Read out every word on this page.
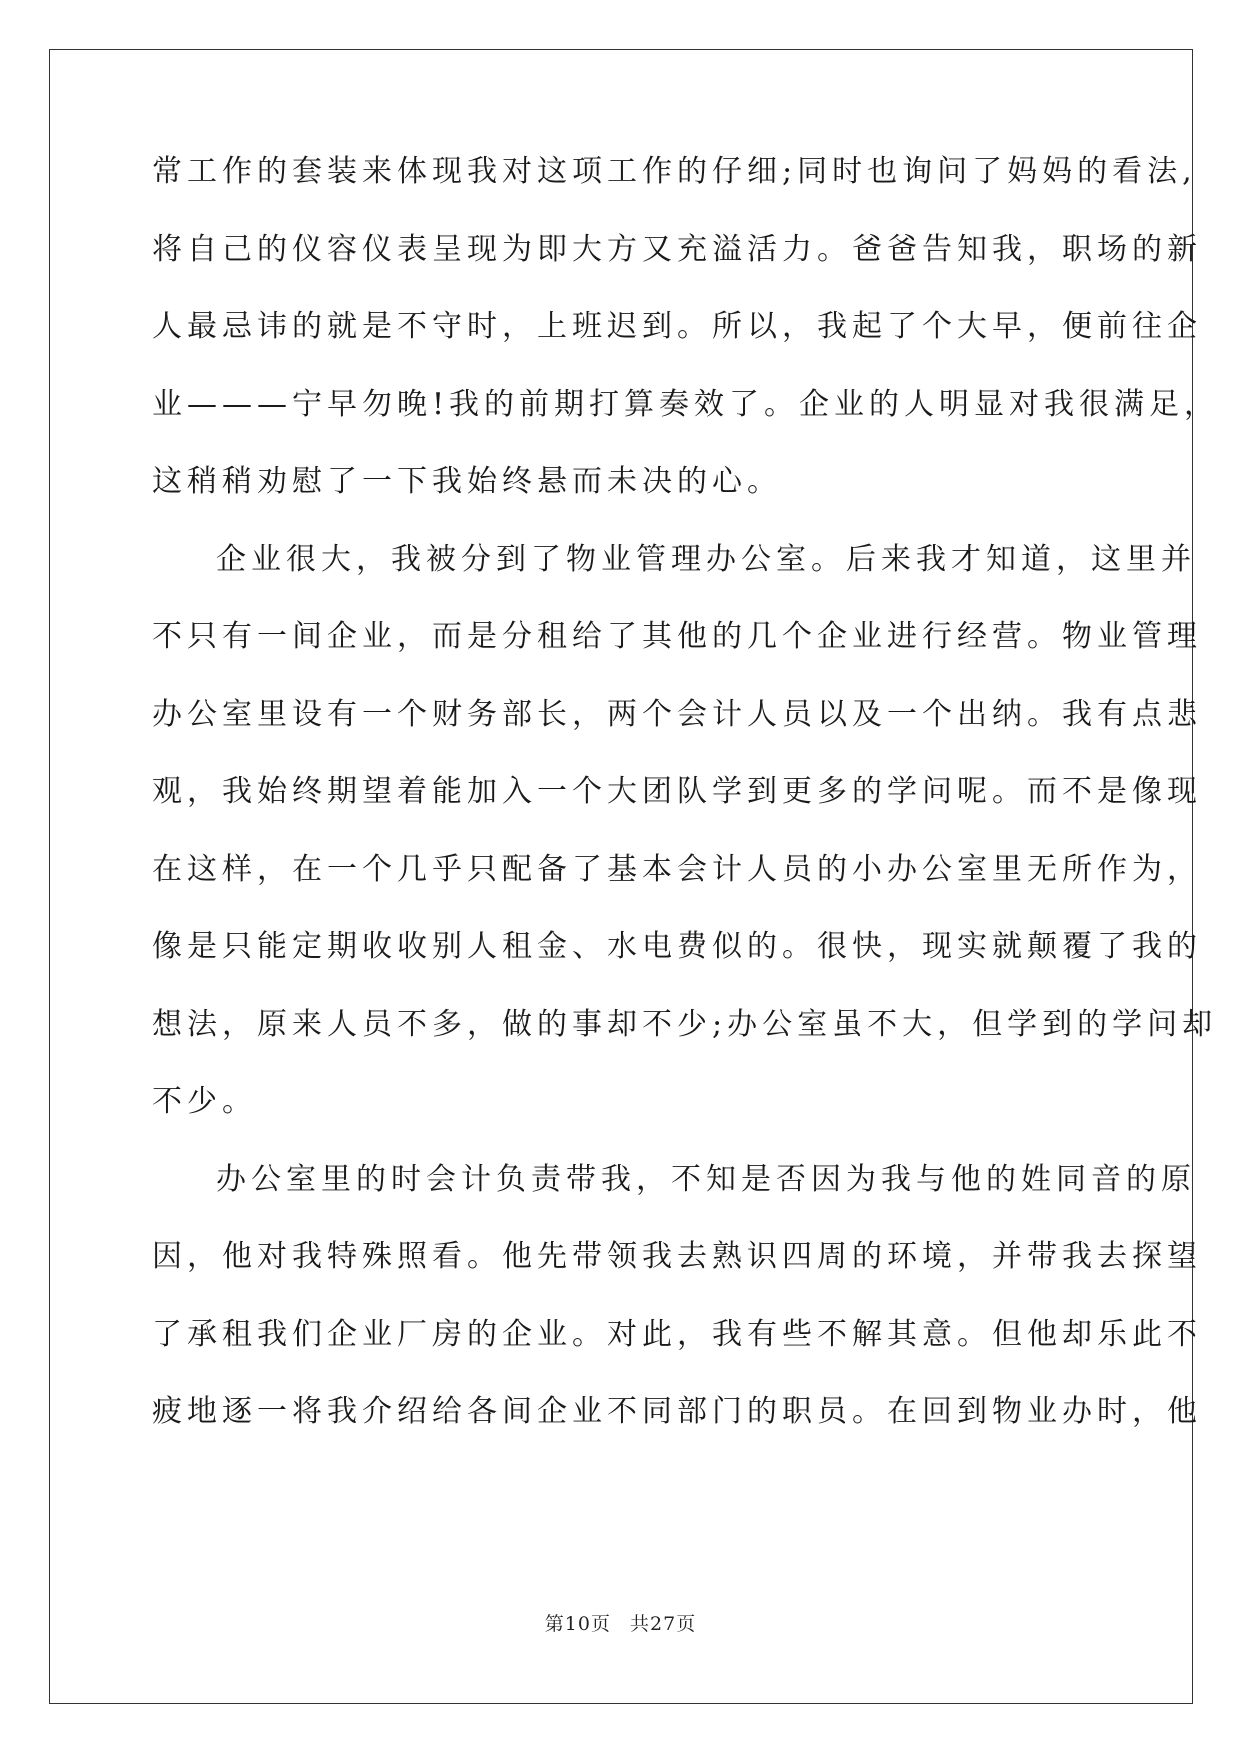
常工作的套装来体现我对这项工作的仔细;同时也询问了妈妈的看法,
将自己的仪容仪表呈现为即大方又充溢活力。爸爸告知我，职场的新
人最忌讳的就是不守时，上班迟到。所以，我起了个大早，便前往企
业———宁早勿晚!我的前期打算奏效了。企业的人明显对我很满足，
这稍稍劝慰了一下我始终悬而未决的心。
企业很大，我被分到了物业管理办公室。后来我才知道，这里并
不只有一间企业，而是分租给了其他的几个企业进行经营。物业管理
办公室里设有一个财务部长，两个会计人员以及一个出纳。我有点悲
观，我始终期望着能加入一个大团队学到更多的学问呢。而不是像现
在这样，在一个几乎只配备了基本会计人员的小办公室里无所作为，
像是只能定期收收别人租金、水电费似的。很快，现实就颠覆了我的
想法，原来人员不多，做的事却不少;办公室虽不大，但学到的学问却
不少。
办公室里的时会计负责带我，不知是否因为我与他的姓同音的原
因，他对我特殊照看。他先带领我去熟识四周的环境，并带我去探望
了承租我们企业厂房的企业。对此，我有些不解其意。但他却乐此不
疲地逐一将我介绍给各间企业不同部门的职员。在回到物业办时，他
第10页 共27页
